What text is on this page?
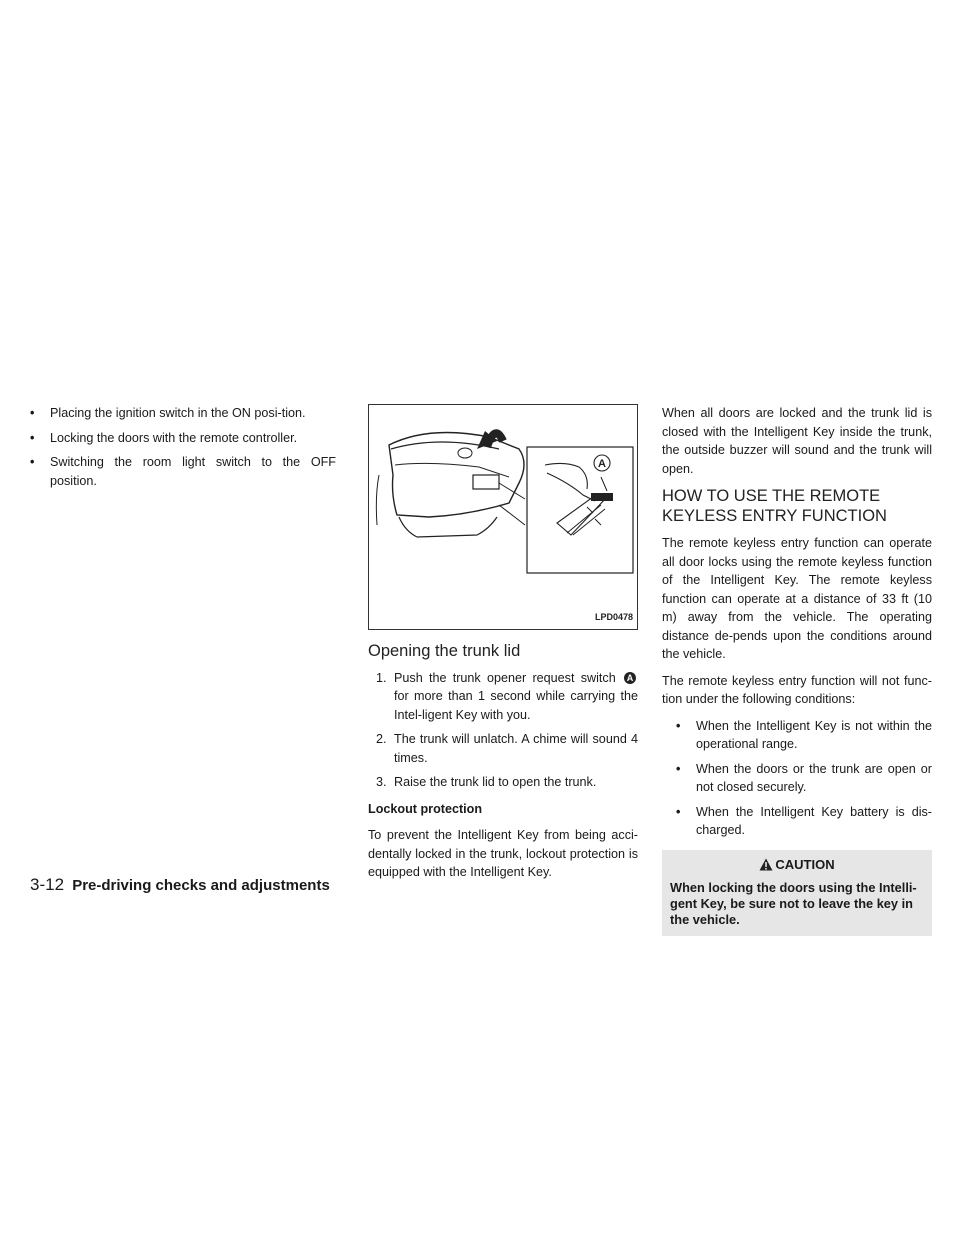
• Placing the ignition switch in the ON posi-tion.
• Locking the doors with the remote controller.
• Switching the room light switch to the OFF position.
A
LPD0478
Opening the trunk lid
1. Push the trunk opener request switch A for more than 1 second while carrying the Intel-ligent Key with you.
2. The trunk will unlatch. A chime will sound 4 times.
3. Raise the trunk lid to open the trunk.
Lockout protection

To prevent the Intelligent Key from being acci-dentally locked in the trunk, lockout protection is equipped with the Intelligent Key.

When all doors are locked and the trunk lid is closed with the Intelligent Key inside the trunk, the outside buzzer will sound and the trunk will open.

HOW TO USE THE REMOTE KEYLESS ENTRY FUNCTION

The remote keyless entry function can operate all door locks using the remote keyless function of the Intelligent Key. The remote keyless function can operate at a distance of 33 ft (10 m) away from the vehicle. The operating distance de-pends upon the conditions around the vehicle.

The remote keyless entry function will not func-tion under the following conditions:

• When the Intelligent Key is not within the operational range.
• When the doors or the trunk are open or not closed securely.
• When the Intelligent Key battery is dis-charged.
CAUTION

When locking the doors using the Intelli-gent Key, be sure not to leave the key in the vehicle.

3-12 Pre-driving checks and adjustments
